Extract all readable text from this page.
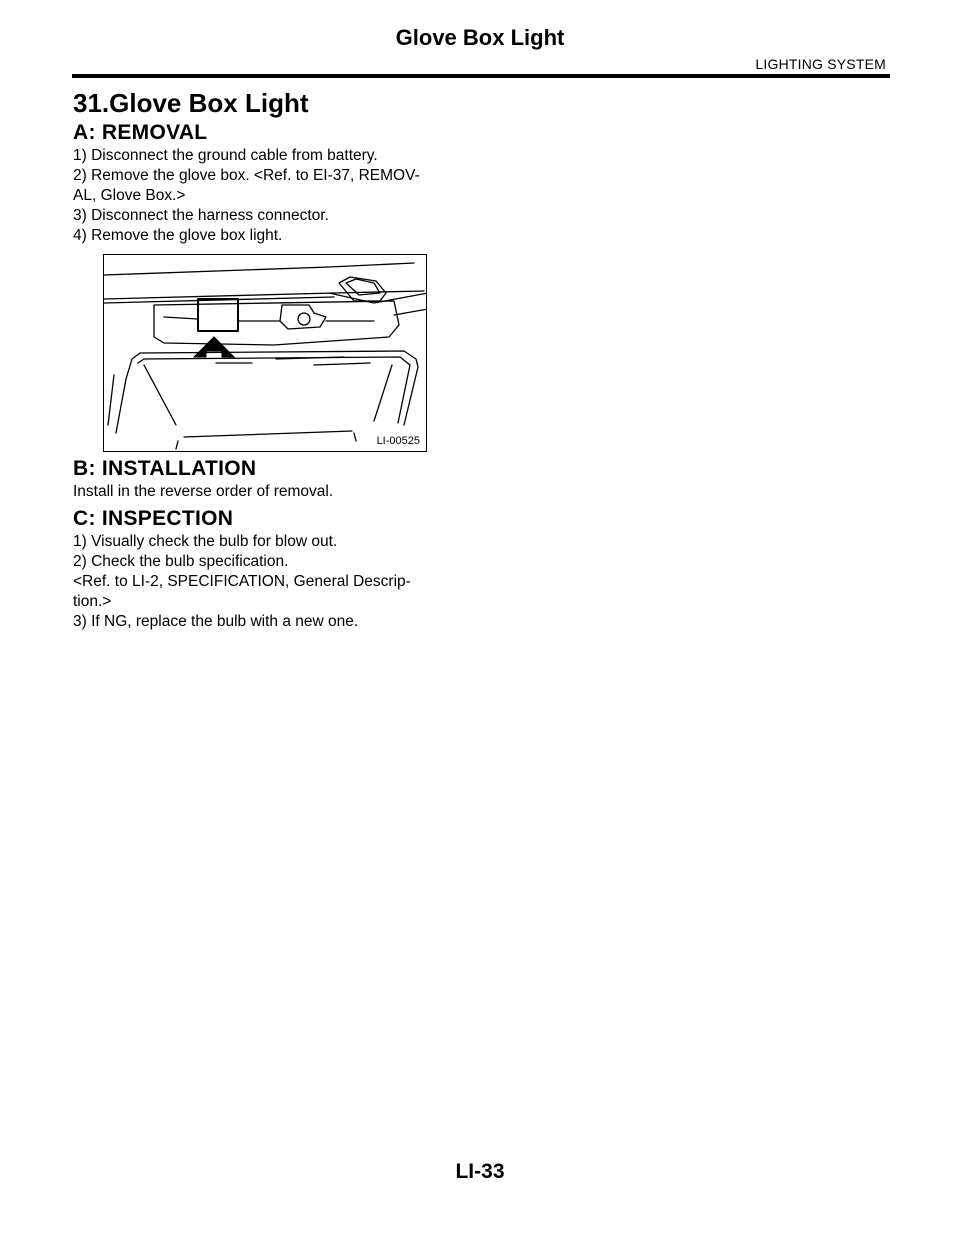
Glove Box Light
LIGHTING SYSTEM
31.Glove Box Light
A: REMOVAL
1) Disconnect the ground cable from battery.
2) Remove the glove box. <Ref. to EI-37, REMOV-
AL, Glove Box.>
3) Disconnect the harness connector.
4) Remove the glove box light.
LI-00525
B: INSTALLATION

Install in the reverse order of removal.

C: INSPECTION
1) Visually check the bulb for blow out.
2) Check the bulb specification.
<Ref. to LI-2, SPECIFICATION, General Descrip-
tion.>
3) If NG, replace the bulb with a new one.
LI-33
